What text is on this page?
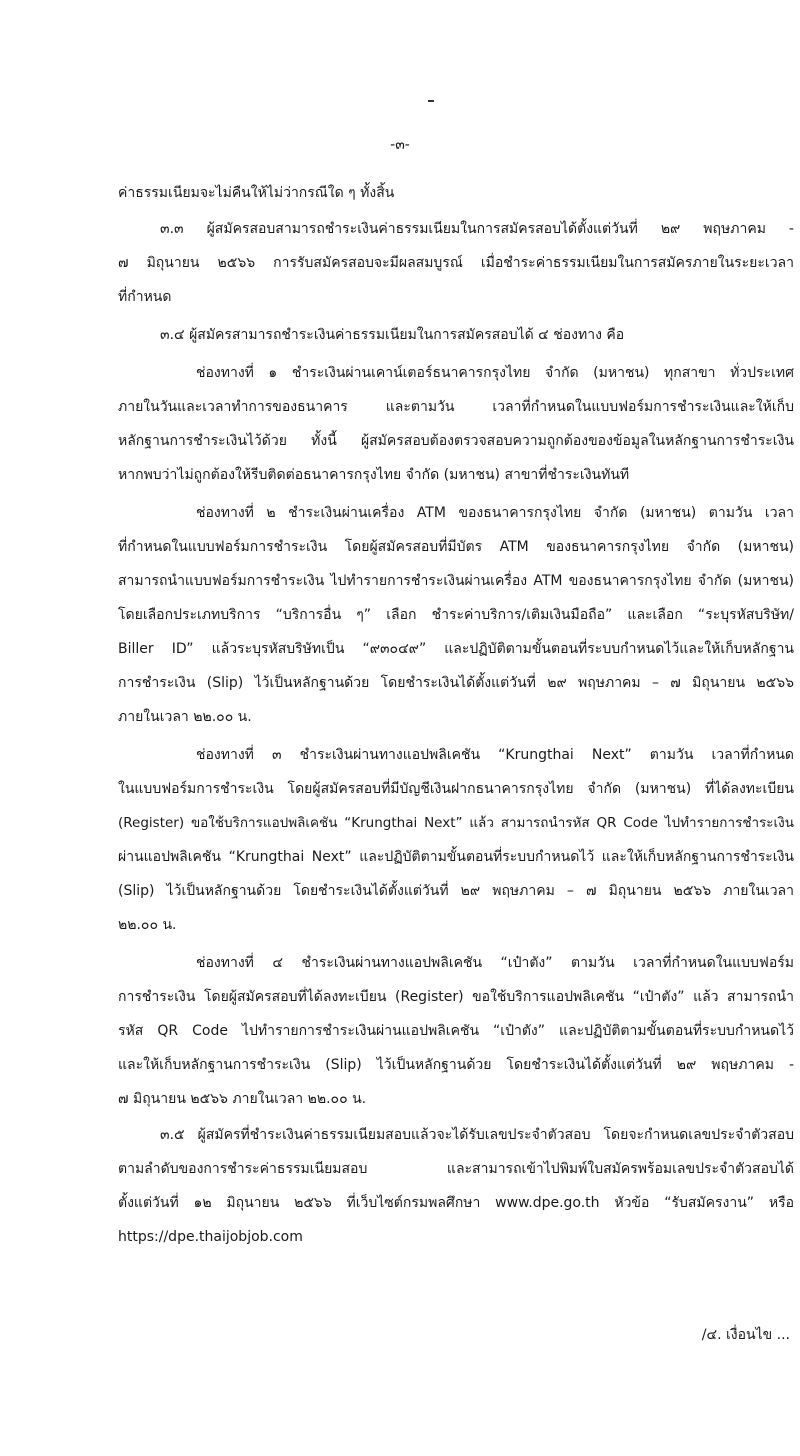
-๓-

ค่าธรรมเนียมจะไม่คืนให้ไม่ว่ากรณีใด ๆ ทั้งสิ้น

๓.๓ ผู้สมัครสอบสามารถชำระเงินค่าธรรมเนียมในการสมัครสอบได้ตั้งแต่วันที่ ๒๙ พฤษภาคม -

๗ มิถุนายน ๒๕๖๖ การรับสมัครสอบจะมีผลสมบูรณ์ เมื่อชำระค่าธรรมเนียมในการสมัครภายในระยะเวลา

ที่กำหนด

๓.๔ ผู้สมัครสามารถชำระเงินค่าธรรมเนียมในการสมัครสอบได้ ๔ ช่องทาง คือ

ช่องทางที่ ๑ ชำระเงินผ่านเคาน์เตอร์ธนาคารกรุงไทย จำกัด (มหาชน) ทุกสาขา ทั่วประเทศ

ภายในวันและเวลาทำการของธนาคาร และตามวัน เวลาที่กำหนดในแบบฟอร์มการชำระเงินและให้เก็บ

หลักฐานการชำระเงินไว้ด้วย ทั้งนี้ ผู้สมัครสอบต้องตรวจสอบความถูกต้องของข้อมูลในหลักฐานการชำระเงิน

หากพบว่าไม่ถูกต้องให้รีบติดต่อธนาคารกรุงไทย จำกัด (มหาชน) สาขาที่ชำระเงินทันที

ช่องทางที่ ๒ ชำระเงินผ่านเครื่อง ATM ของธนาคารกรุงไทย จำกัด (มหาชน) ตามวัน เวลา

ที่กำหนดในแบบฟอร์มการชำระเงิน โดยผู้สมัครสอบที่มีบัตร ATM ของธนาคารกรุงไทย จำกัด (มหาชน)

สามารถนำแบบฟอร์มการชำระเงิน ไปทำรายการชำระเงินผ่านเครื่อง ATM ของธนาคารกรุงไทย จำกัด (มหาชน)

โดยเลือกประเภทบริการ “บริการอื่น ๆ” เลือก ชำระค่าบริการ/เติมเงินมือถือ” และเลือก “ระบุรหัสบริษัท/

Biller ID” แล้วระบุรหัสบริษัทเป็น “๙๓๐๔๙” และปฏิบัติตามขั้นตอนที่ระบบกำหนดไว้และให้เก็บหลักฐาน

การชำระเงิน (Slip) ไว้เป็นหลักฐานด้วย โดยชำระเงินได้ตั้งแต่วันที่ ๒๙ พฤษภาคม – ๗ มิถุนายน ๒๕๖๖

ภายในเวลา ๒๒.๐๐ น.

ช่องทางที่ ๓ ชำระเงินผ่านทางแอปพลิเคชัน “Krungthai Next” ตามวัน เวลาที่กำหนด

ในแบบฟอร์มการชำระเงิน โดยผู้สมัครสอบที่มีบัญชีเงินฝากธนาคารกรุงไทย จำกัด (มหาชน) ที่ได้ลงทะเบียน

(Register) ขอใช้บริการแอปพลิเคชัน “Krungthai Next” แล้ว สามารถนำรหัส QR Code ไปทำรายการชำระเงิน

ผ่านแอปพลิเคชัน “Krungthai Next” และปฏิบัติตามขั้นตอนที่ระบบกำหนดไว้ และให้เก็บหลักฐานการชำระเงิน

(Slip) ไว้เป็นหลักฐานด้วย โดยชำระเงินได้ตั้งแต่วันที่ ๒๙ พฤษภาคม – ๗ มิถุนายน ๒๕๖๖ ภายในเวลา

๒๒.๐๐ น.

ช่องทางที่ ๔ ชำระเงินผ่านทางแอปพลิเคชัน “เป๋าตัง” ตามวัน เวลาที่กำหนดในแบบฟอร์ม

การชำระเงิน โดยผู้สมัครสอบที่ได้ลงทะเบียน (Register) ขอใช้บริการแอปพลิเคชัน “เป๋าตัง” แล้ว สามารถนำ

รหัส QR Code ไปทำรายการชำระเงินผ่านแอปพลิเคชัน “เป๋าตัง” และปฏิบัติตามขั้นตอนที่ระบบกำหนดไว้

และให้เก็บหลักฐานการชำระเงิน (Slip) ไว้เป็นหลักฐานด้วย โดยชำระเงินได้ตั้งแต่วันที่ ๒๙ พฤษภาคม -

๗ มิถุนายน ๒๕๖๖ ภายในเวลา ๒๒.๐๐ น.

๓.๕ ผู้สมัครที่ชำระเงินค่าธรรมเนียมสอบแล้วจะได้รับเลขประจำตัวสอบ โดยจะกำหนดเลขประจำตัวสอบ

ตามลำดับของการชำระค่าธรรมเนียมสอบ และสามารถเข้าไปพิมพ์ใบสมัครพร้อมเลขประจำตัวสอบได้

ตั้งแต่วันที่ ๑๒ มิถุนายน ๒๕๖๖ ที่เว็บไซต์กรมพลศึกษา www.dpe.go.th หัวข้อ “รับสมัครงาน” หรือ

https://dpe.thaijobjob.com

/๔. เงื่อนไข ...
